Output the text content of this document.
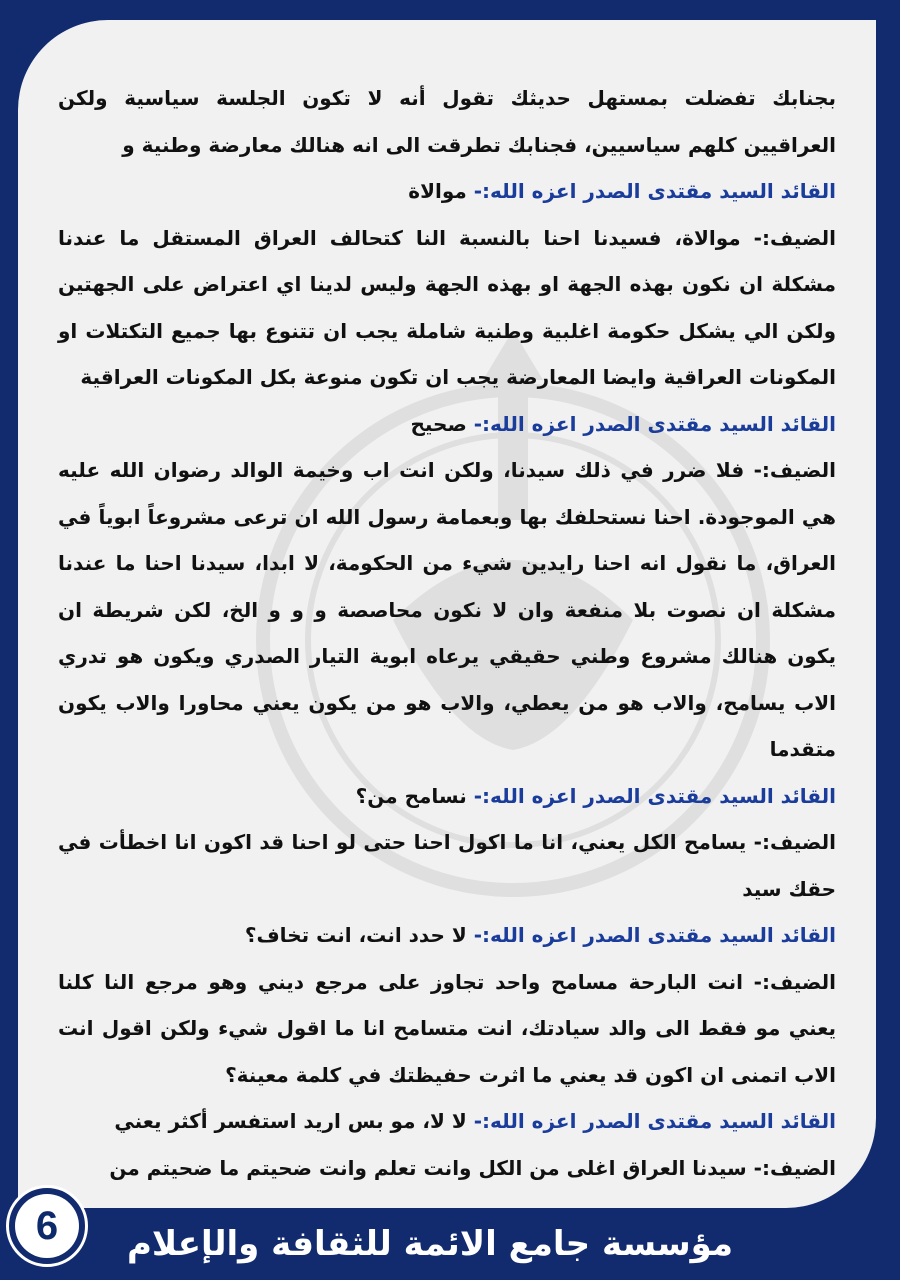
بجنابك تفضلت بمستهل حديثك تقول أنه لا تكون الجلسة سياسية ولكن العراقيين كلهم سياسيين، فجنابك تطرقت الى انه هنالك معارضة وطنية و

القائد السيد مقتدى الصدر اعزه الله:- موالاة

الضيف:- موالاة، فسيدنا احنا بالنسبة النا كتحالف العراق المستقل ما عندنا مشكلة ان نكون بهذه الجهة او بهذه الجهة وليس لدينا اي اعتراض على الجهتين ولكن الي يشكل حكومة اغلبية وطنية شاملة يجب ان تتنوع بها جميع التكتلات او المكونات العراقية وايضا المعارضة يجب ان تكون منوعة بكل المكونات العراقية

القائد السيد مقتدى الصدر اعزه الله:- صحيح

الضيف:- فلا ضرر في ذلك سيدنا، ولكن انت اب وخيمة الوالد رضوان الله عليه هي الموجودة. احنا نستحلفك بها وبعمامة رسول الله ان ترعى مشروعاً ابوياً في العراق، ما نقول انه احنا رايدين شيء من الحكومة، لا ابدا، سيدنا احنا ما عندنا مشكلة ان نصوت بلا منفعة وان لا نكون محاصصة و و و الخ، لكن شريطة ان يكون هنالك مشروع وطني حقيقي يرعاه ابوية التيار الصدري ويكون هو تدري الاب يسامح، والاب هو من يعطي، والاب هو من يكون يعني محاورا والاب يكون متقدما

القائد السيد مقتدى الصدر اعزه الله:- نسامح من؟

الضيف:- يسامح الكل يعني، انا ما اكول احنا حتى لو احنا قد اكون انا اخطأت في حقك سيد

القائد السيد مقتدى الصدر اعزه الله:- لا حدد انت، انت تخاف؟

الضيف:- انت البارحة مسامح واحد تجاوز على مرجع ديني وهو مرجع النا كلنا يعني مو فقط الى والد سيادتك، انت متسامح انا ما اقول شيء ولكن اقول انت الاب اتمنى ان اكون قد يعني ما اثرت حفيظتك في كلمة معينة؟

القائد السيد مقتدى الصدر اعزه الله:- لا لا، مو بس اريد استفسر أكثر يعني

الضيف:- سيدنا العراق اغلى من الكل وانت تعلم وانت ضحيتم ما ضحيتم من

مؤسسة جامع الائمة للثقافة والإعلام
6
